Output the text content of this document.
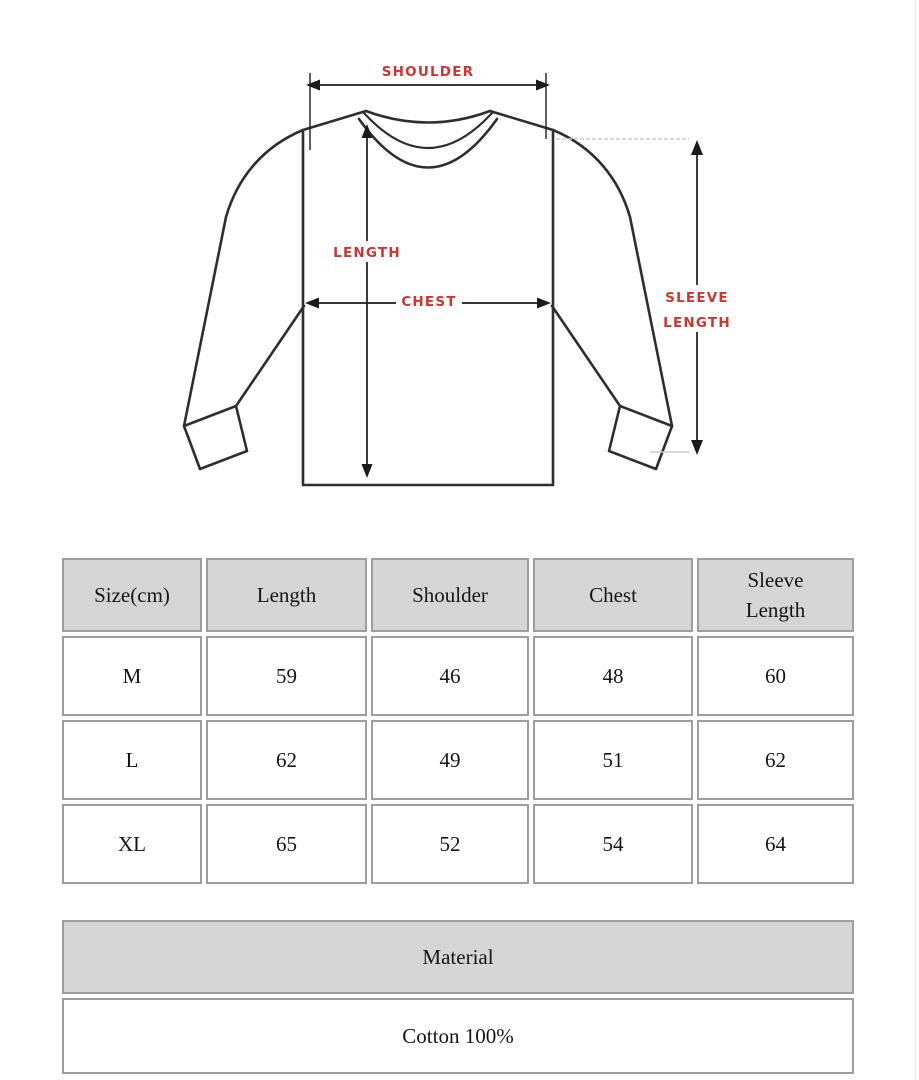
SHOULDER
LENGTH
CHEST	SLEEVE
LENGTH
Size(cm)	Length	Shoulder	Chest	Sleeve Length
M	59	46	48	60
L	62	49	51	62
XL	65	52	54	64
Material
Cotton 100%
